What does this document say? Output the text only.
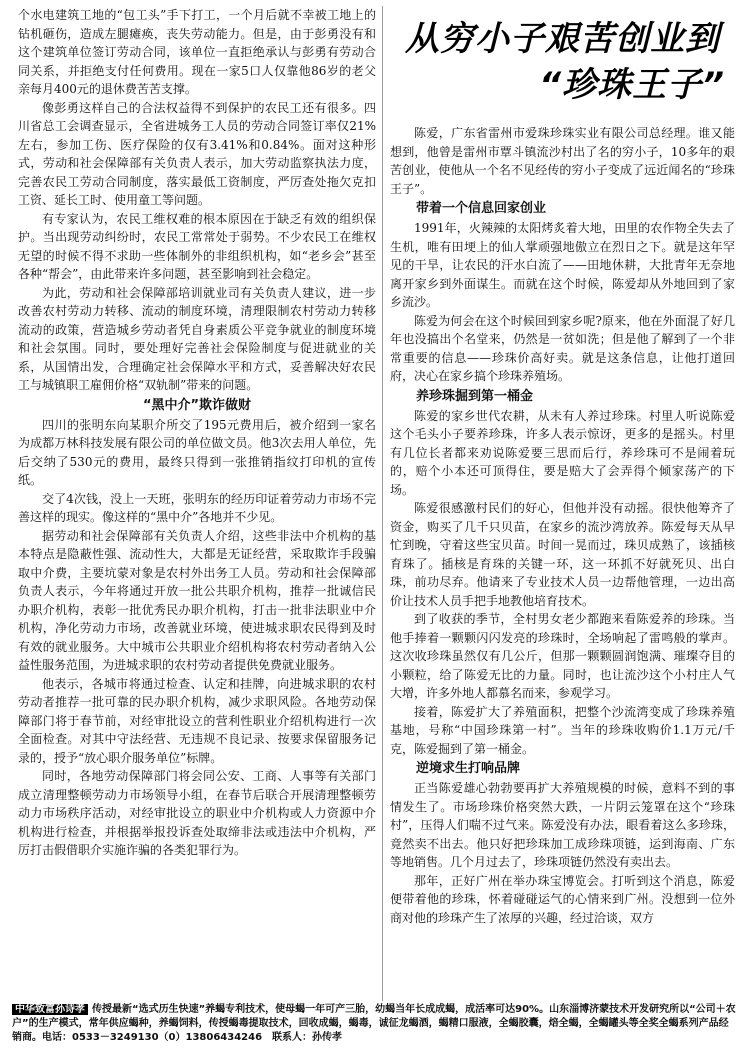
个水电建筑工地的“包工头”手下打工，一个月后就不幸被工地上的钻机砸伤，造成左腿瘫痪，丧失劳动能力。但是，由于彭勇没有和这个建筑单位签订劳动合同，该单位一直拒绝承认与彭勇有劳动合同关系，并拒绝支付任何费用。现在一家5口人仅靠他86岁的老父亲每月400元的退休费苦苦支撑。

像彭勇这样自己的合法权益得不到保护的农民工还有很多。四川省总工会调查显示，全省进城务工人员的劳动合同签订率仅21%左右，参加工伤、医疗保险的仅有3.41%和0.84%。面对这种形式，劳动和社会保障部有关负责人表示，加大劳动监察执法力度，完善农民工劳动合同制度，落实最低工资制度，严厉查处拖欠克扣工资、延长工时、使用童工等问题。

有专家认为，农民工维权难的根本原因在于缺乏有效的组织保护。当出现劳动纠纷时，农民工常常处于弱势。不少农民工在维权无望的时候不得不求助一些体制外的非组织机构，如“老乡会”甚至各种“帮会”，由此带来许多问题，甚至影响到社会稳定。

为此，劳动和社会保障部培训就业司有关负责人建议，进一步改善农村劳动力转移、流动的制度环境，清理限制农村劳动力转移流动的政策，营造城乡劳动者凭自身素质公平竞争就业的制度环境和社会氛围。同时，要处理好完善社会保险制度与促进就业的关系，从国情出发，合理确定社会保障水平和方式，妥善解决好农民工与城镇职工雇佣价格“双轨制”带来的问题。

“黑中介”欺诈做财

四川的张明东向某职介所交了195元费用后，被介绍到一家名为成都万林科技发展有限公司的单位做文员。他3次去用人单位，先后交纳了530元的费用，最终只得到一张推销指纹打印机的宣传纸。

交了4次钱，没上一天班，张明东的经历印证着劳动力市场不完善这样的现实。像这样的“黑中介”各地并不少见。

据劳动和社会保障部有关负责人介绍，这些非法中介机构的基本特点是隐蔽性强、流动性大，大都是无证经营，采取欺诈手段骗取中介费，主要坑蒙对象是农村外出务工人员。劳动和社会保障部负责人表示，今年将通过开放一批公共职介机构，推荐一批诚信民办职介机构，表彰一批优秀民办职介机构，打击一批非法职业中介机构，净化劳动力市场，改善就业环境，使进城求职农民得到及时有效的就业服务。大中城市公共职业介绍机构将农村劳动者纳入公益性服务范围，为进城求职的农村劳动者提供免费就业服务。

他表示，各城市将通过检查、认定和挂牌，向进城求职的农村劳动者推荐一批可靠的民办职介机构，减少求职风险。各地劳动保障部门将于春节前，对经审批设立的营利性职业介绍机构进行一次全面检查。对其中守法经营、无违规不良记录、按要求保留服务记录的，授予“放心职介服务单位”标牌。

同时，各地劳动保障部门将会同公安、工商、人事等有关部门成立清理整顿劳动力市场领导小组，在春节后联合开展清理整顿劳动力市场秩序活动，对经审批设立的职业中介机构或人力资源中介机构进行检查，并根据举报投诉查处取缔非法或违法中介机构，严厉打击假借职介实施诈骗的各类犯罪行为。

从穷小子艰苦创业到
“珍珠王子”

陈爱，广东省雷州市爱珠珍珠实业有限公司总经理。谁又能想到，他曾是雷州市覃斗镇流沙村出了名的穷小子，10多年的艰苦创业，使他从一个名不见经传的穷小子变成了远近闻名的“珍珠王子”。

带着一个信息回家创业

1991年，火辣辣的太阳烤炙着大地，田里的农作物全失去了生机，唯有田埂上的仙人掌顽强地傲立在烈日之下。就是这年罕见的干旱，让农民的汗水白流了——田地休耕，大批青年无奈地离开家乡到外面谋生。而就在这个时候，陈爱却从外地回到了家乡流沙。

陈爱为何会在这个时候回到家乡呢?原来，他在外面混了好几年也没搞出个名堂来，仍然是一贫如洗；但是他了解到了一个非常重要的信息——珍珠价高好卖。就是这条信息，让他打道回府，决心在家乡搞个珍珠养殖场。

养珍珠掘到第一桶金

陈爱的家乡世代农耕，从未有人养过珍珠。村里人听说陈爱这个毛头小子要养珍珠，许多人表示惊讶，更多的是摇头。村里有几位长者都来劝说陈爱要三思而后行，养珍珠可不是闹着玩的，赔个小本还可顶得住，要是赔大了会弄得个倾家荡产的下场。

陈爱很感激村民们的好心，但他并没有动摇。很快他筹齐了资金，购买了几千只贝苗，在家乡的流沙湾放养。陈爱每天从早忙到晚，守着这些宝贝苗。时间一晃而过，珠贝成熟了，该插核育珠了。插核是育珠的关键一环，这一环抓不好就死贝、出白珠，前功尽弃。他请来了专业技术人员一边帮他管理，一边出高价让技术人员手把手地教他培育技术。

到了收获的季节，全村男女老少都跑来看陈爱养的珍珠。当他手捧着一颗颗闪闪发亮的珍珠时，全场响起了雷鸣般的掌声。这次收珍珠虽然仅有几公斤，但那一颗颗圆润饱满、璀璨夺目的小颗粒，给了陈爱无比的力量。同时，也让流沙这个小村庄人气大增，许多外地人都慕名而来，参观学习。

接着，陈爱扩大了养殖面积，把整个沙流湾变成了珍珠养殖基地，号称“中国珍珠第一村”。当年的珍珠收购价1.1万元/千克，陈爱掘到了第一桶金。

逆境求生打响品牌

正当陈爱雄心勃勃要再扩大养殖规模的时候，意料不到的事情发生了。市场珍珠价格突然大跌，一片阴云笼罩在这个“珍珠村”，压得人们喘不过气来。陈爱没有办法，眼看着这么多珍珠，竟然卖不出去。他只好把珍珠加工成珍珠项链，运到海南、广东等地销售。几个月过去了，珍珠项链仍然没有卖出去。

那年，正好广州在举办珠宝博览会。打听到这个消息，陈爱便带着他的珍珠，怀着碰碰运气的心情来到广州。没想到一位外商对他的珍珠产生了浓厚的兴趣，经过洽谈，双方

中华致富孙诗孝 传授最新“选式历生快速”养蝎专利技术，使母蝎一年可产三胎，幼蝎当年长成成蝎，成活率可达90%。山东淄博济蒙技术开发研究所以“公司＋农户”的生产模式，常年供应蝎种，养蝎饲料，传授蝎毒提取技术，回收成蝎，蝎毒，诚征龙蝎酒，蝎精口服液，全蝎胶囊，焙全蝎，全蝎罐头等全奖全蝎系列产品经销商。电话：0533－3249130（0）13806434246　联系人：孙传孝
